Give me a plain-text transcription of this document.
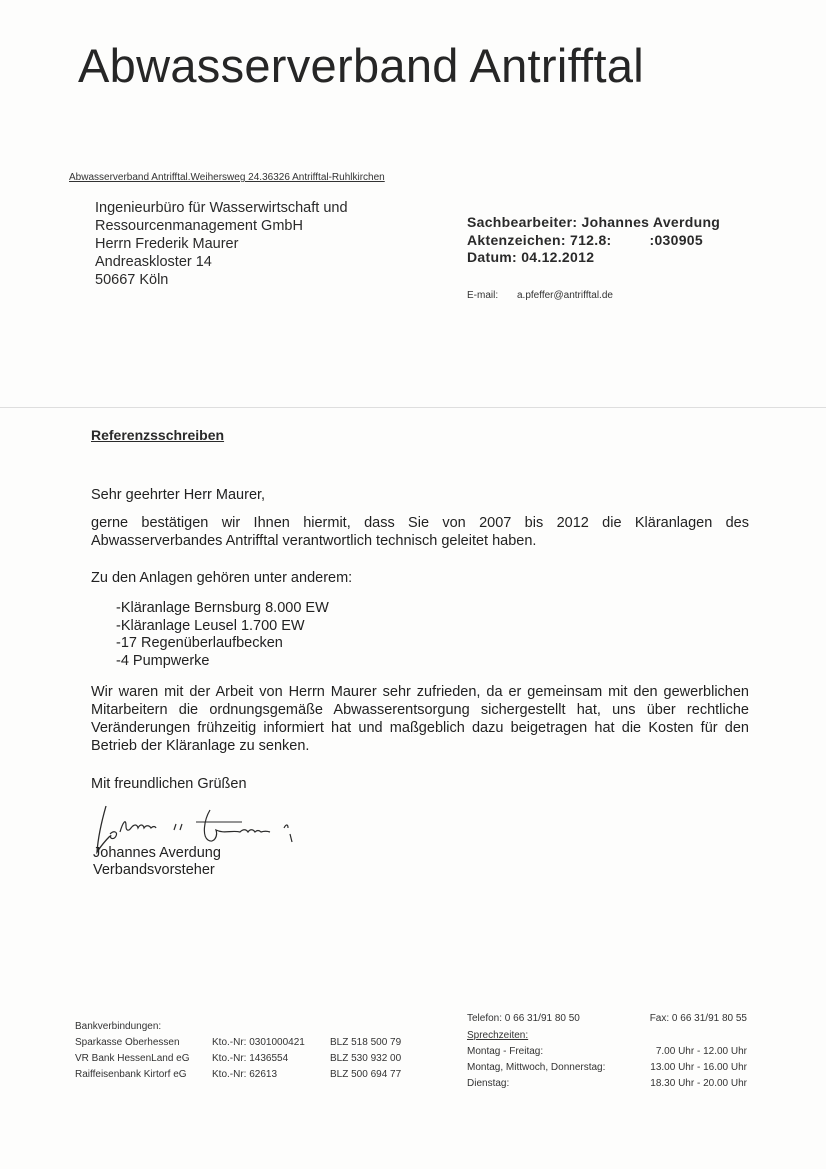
Abwasserverband Antrifftal
Abwasserverband Antrifftal.Weihersweg 24.36326 Antrifftal-Ruhlkirchen
Ingenieurbüro für Wasserwirtschaft und
Ressourcenmanagement GmbH
Herrn Frederik Maurer
Andreaskloster 14
50667 Köln
Sachbearbeiter: Johannes Averdung
Aktenzeichen: 712.8:	:030905
Datum: 04.12.2012
E-mail: a.pfeffer@antrifftal.de
Referenzsschreiben
Sehr geehrter Herr Maurer,
gerne bestätigen wir Ihnen hiermit, dass Sie von 2007 bis 2012 die Kläranlagen des Abwasserverbandes Antrifftal verantwortlich technisch geleitet haben.
Zu den Anlagen gehören unter anderem:
-Kläranlage Bernsburg 8.000 EW
-Kläranlage Leusel 1.700 EW
-17 Regenüberlaufbecken
-4 Pumpwerke
Wir waren mit der Arbeit von Herrn Maurer sehr zufrieden, da er gemeinsam mit den gewerblichen Mitarbeitern die ordnungsgemäße Abwasserentsorgung sichergestellt hat, uns über rechtliche Veränderungen frühzeitig informiert hat und maßgeblich dazu beigetragen hat die Kosten für den Betrieb der Kläranlage zu senken.
Mit freundlichen Grüßen
Johannes Averdung
Verbandsvorsteher
Bankverbindungen:		
Sparkasse Oberhessen	Kto.-Nr: 0301000421	BLZ 518 500 79
VR Bank HessenLand eG	Kto.-Nr: 1436554	BLZ 530 932 00
Raiffeisenbank Kirtorf eG	Kto.-Nr: 62613	BLZ 500 694 77
Telefon: 0 66 31/91 80 50	Fax: 0 66 31/91 80 55
Sprechzeiten:
Montag - Freitag:	7.00 Uhr - 12.00 Uhr
Montag, Mittwoch, Donnerstag:	13.00 Uhr - 16.00 Uhr
Dienstag:	18.30 Uhr - 20.00 Uhr
